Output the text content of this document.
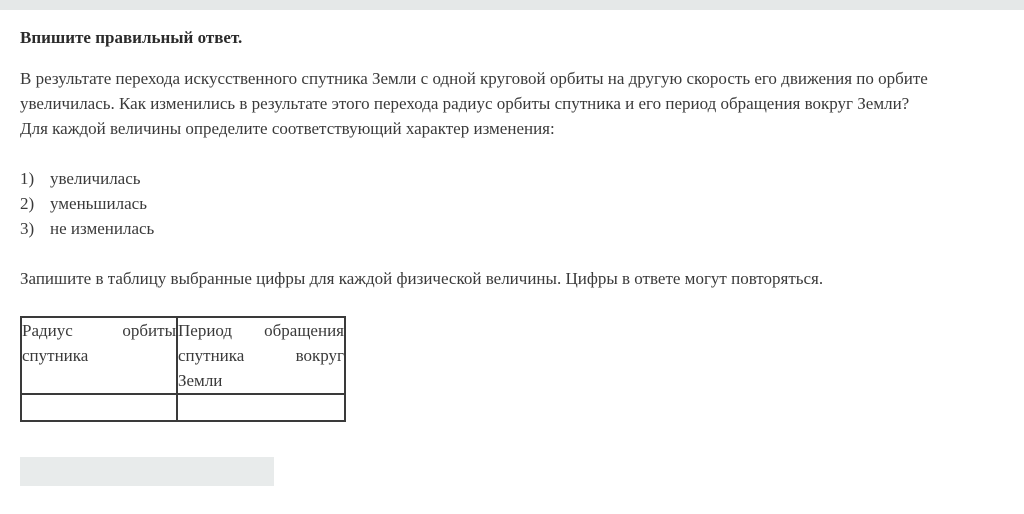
Впишите правильный ответ.

В результате перехода искусственного спутника Земли с одной круговой орбиты на другую скорость его движения по орбите

увеличилась. Как изменились в результате этого перехода радиус орбиты спутника и его период обращения вокруг Земли?

Для каждой величины определите соответствующий характер изменения:

1) увеличилась
2) уменьшилась
3) не изменилась
Запишите в таблицу выбранные цифры для каждой физической величины. Цифры в ответе могут повторяться.
Радиус орбиты спутника	Период обращения спутника вокруг Земли
